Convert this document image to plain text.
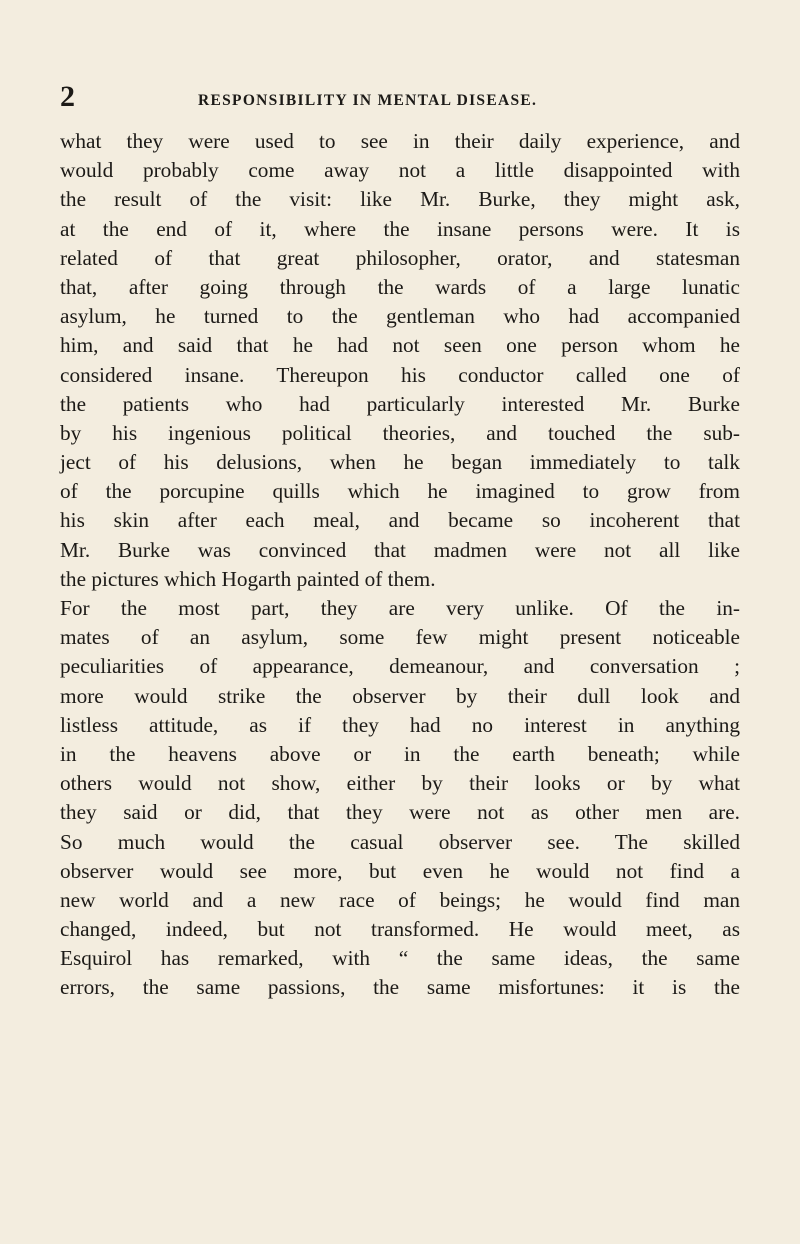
2	RESPONSIBILITY IN MENTAL DISEASE.
what they were used to see in their daily experience, and
would probably come away not a little disappointed with
the result of the visit: like Mr. Burke, they might ask,
at the end of it, where the insane persons were. It is
related of that great philosopher, orator, and statesman
that, after going through the wards of a large lunatic
asylum, he turned to the gentleman who had accompanied
him, and said that he had not seen one person whom he
considered insane. Thereupon his conductor called one of
the patients who had particularly interested Mr. Burke
by his ingenious political theories, and touched the sub-
ject of his delusions, when he began immediately to talk
of the porcupine quills which he imagined to grow from
his skin after each meal, and became so incoherent that
Mr. Burke was convinced that madmen were not all like
the pictures which Hogarth painted of them.
For the most part, they are very unlike. Of the in-
mates of an asylum, some few might present noticeable
peculiarities of appearance, demeanour, and conversation ;
more would strike the observer by their dull look and
listless attitude, as if they had no interest in anything
in the heavens above or in the earth beneath; while
others would not show, either by their looks or by what
they said or did, that they were not as other men are.
So much would the casual observer see. The skilled
observer would see more, but even he would not find a
new world and a new race of beings; he would find man
changed, indeed, but not transformed. He would meet, as
Esquirol has remarked, with “ the same ideas, the same
errors, the same passions, the same misfortunes: it is the
